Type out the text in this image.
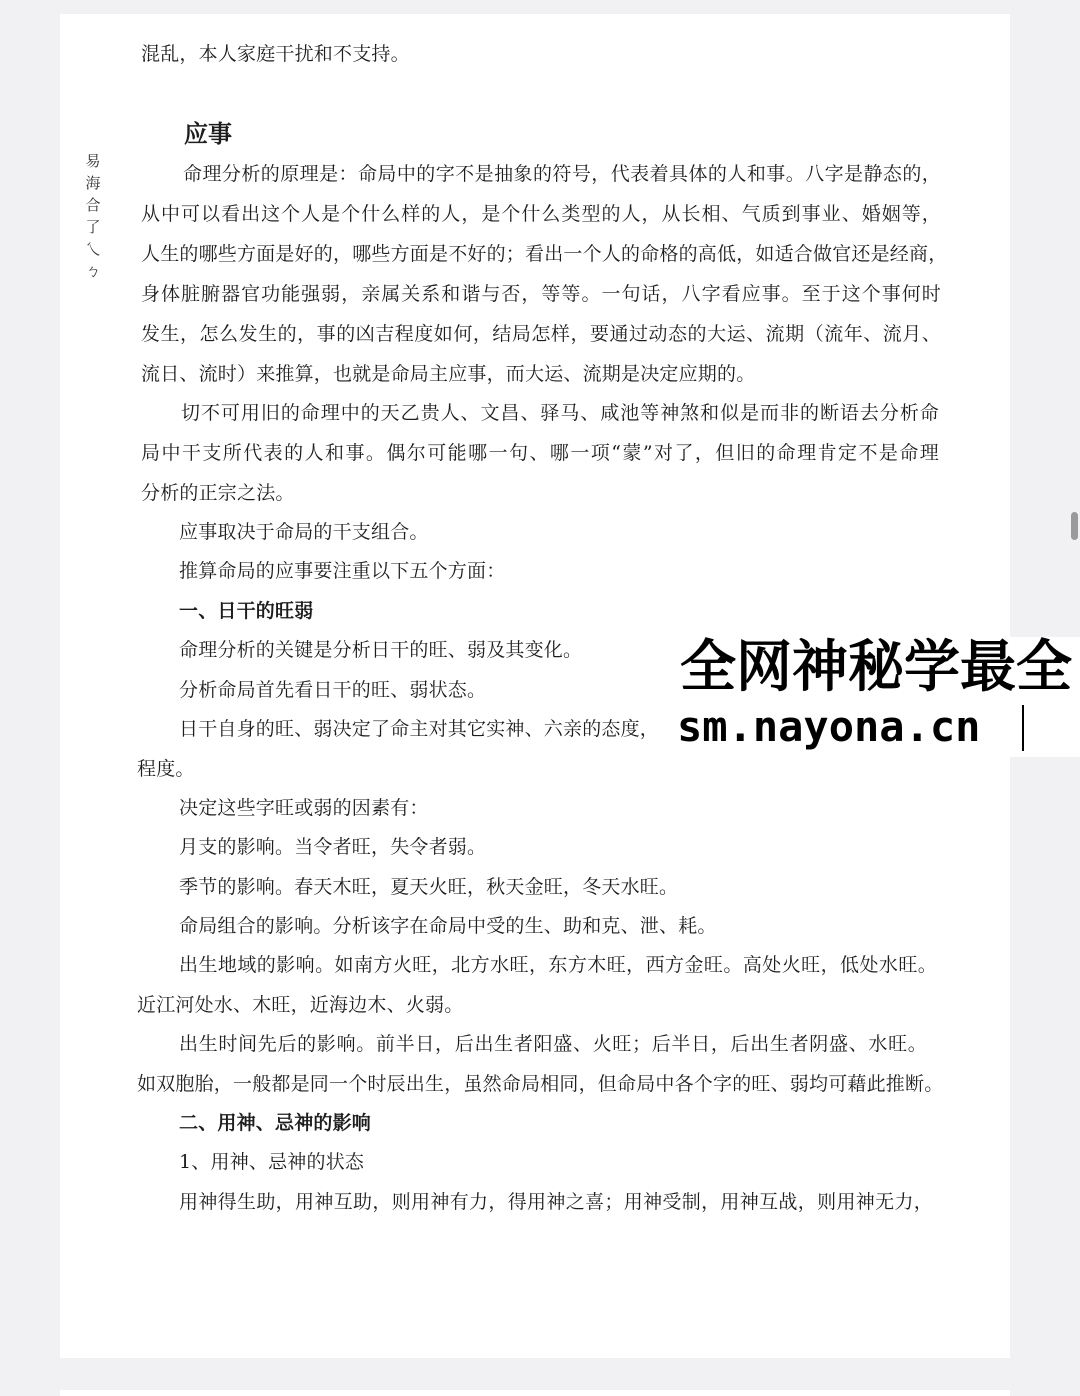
易
海
合
了
乀
ㄅ
混乱，本人家庭干扰和不支持。
应事
命理分析的原理是：命局中的字不是抽象的符号，代表着具体的人和事。八字是静态的，
从中可以看出这个人是个什么样的人，是个什么类型的人，从长相、气质到事业、婚姻等，
人生的哪些方面是好的，哪些方面是不好的；看出一个人的命格的高低，如适合做官还是经商，
身体脏腑器官功能强弱，亲属关系和谐与否，等等。一句话，八字看应事。至于这个事何时
发生，怎么发生的，事的凶吉程度如何，结局怎样，要通过动态的大运、流期（流年、流月、
流日、流时）来推算，也就是命局主应事，而大运、流期是决定应期的。
切不可用旧的命理中的天乙贵人、文昌、驿马、咸池等神煞和似是而非的断语去分析命
局中干支所代表的人和事。偶尔可能哪一句、哪一项“蒙”对了，但旧的命理肯定不是命理
分析的正宗之法。
应事取决于命局的干支组合。
推算命局的应事要注重以下五个方面：
一、日干的旺弱
命理分析的关键是分析日干的旺、弱及其变化。
分析命局首先看日干的旺、弱状态。
日干自身的旺、弱决定了命主对其它实神、六亲的态度，
程度。
决定这些字旺或弱的因素有：
月支的影响。当令者旺，失令者弱。
季节的影响。春天木旺，夏天火旺，秋天金旺，冬天水旺。
命局组合的影响。分析该字在命局中受的生、助和克、泄、耗。
出生地域的影响。如南方火旺，北方水旺，东方木旺，西方金旺。高处火旺，低处水旺。
近江河处水、木旺，近海边木、火弱。
出生时间先后的影响。前半日，后出生者阳盛、火旺；后半日，后出生者阴盛、水旺。
如双胞胎，一般都是同一个时辰出生，虽然命局相同，但命局中各个字的旺、弱均可藉此推断。
二、用神、忌神的影响
1、用神、忌神的状态
用神得生助，用神互助，则用神有力，得用神之喜；用神受制，用神互战，则用神无力，
全网神秘学最全
sm.nayona.cn
